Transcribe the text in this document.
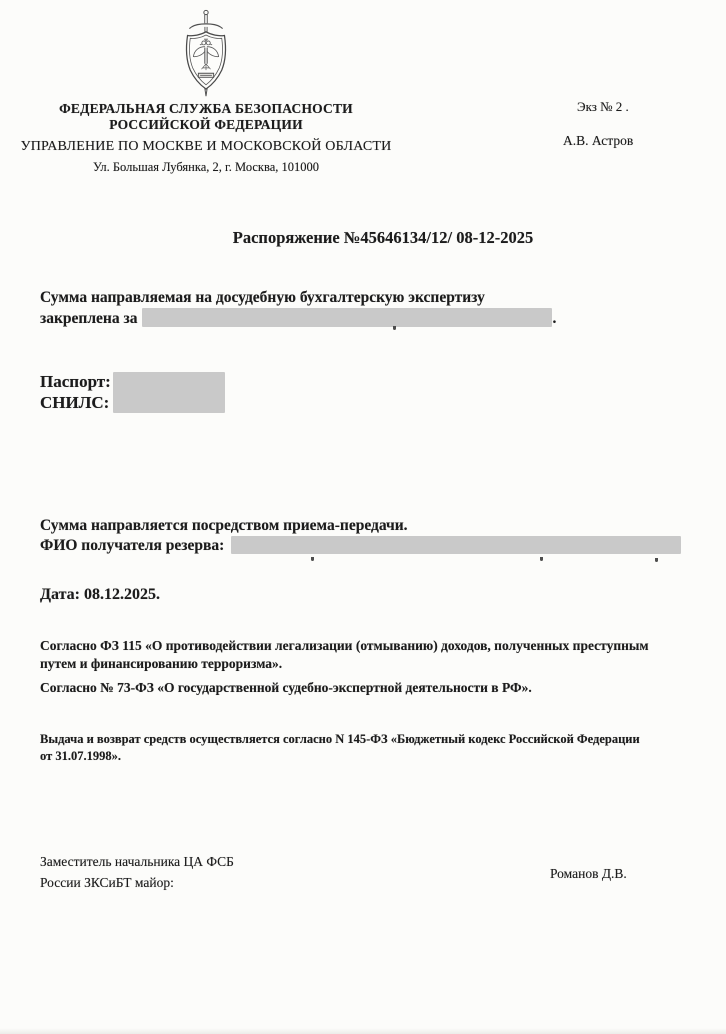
ФЕДЕРАЛЬНАЯ СЛУЖБА БЕЗОПАСНОСТИ
РОССИЙСКОЙ ФЕДЕРАЦИИ
УПРАВЛЕНИЕ ПО МОСКВЕ И МОСКОВСКОЙ ОБЛАСТИ
Ул. Большая Лубянка, 2, г. Москва, 101000
Экз № 2 .
А.В. Астров
Распоряжение №45646134/12/ 08-12-2025
Сумма направляемая на досудебную бухгалтерскую экспертизу
закреплена за	.
Паспорт:
СНИЛС:
Сумма направляется посредством приема-передачи.
ФИО получателя резерва:
Дата: 08.12.2025.
Согласно ФЗ 115 «О противодействии легализации (отмыванию) доходов, полученных преступным путем и финансированию терроризма».
Согласно № 73-ФЗ «О государственной судебно-экспертной деятельности в РФ».
Выдача и возврат средств осуществляется согласно N 145-ФЗ «Бюджетный кодекс Российской Федерации от 31.07.1998».
Заместитель начальника ЦА ФСБ
России ЗКСиБТ майор:
Романов Д.В.
